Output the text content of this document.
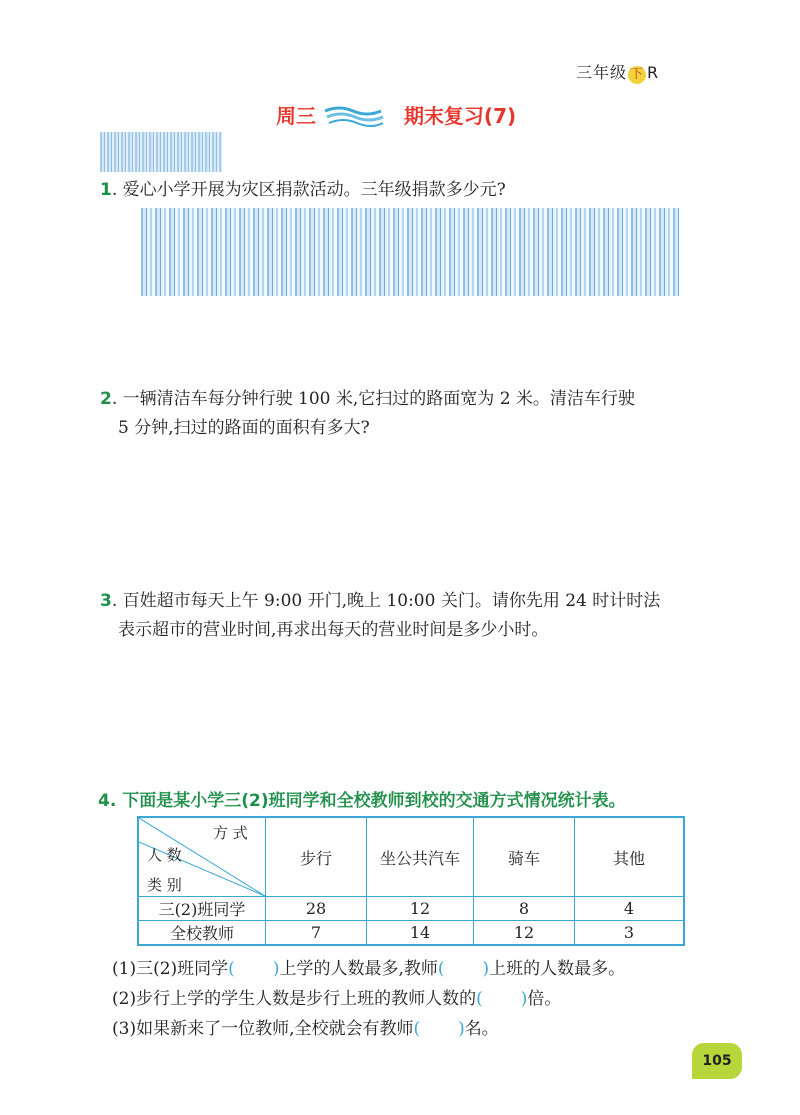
三年级 下 R
周三	期末复习(7)
1. 爱心小学开展为灾区捐款活动。三年级捐款多少元?
2. 一辆清洁车每分钟行驶 100 米,它扫过的路面宽为 2 米。清洁车行驶
5 分钟,扫过的路面的面积有多大?
3. 百姓超市每天上午 9:00 开门,晚上 10:00 关门。请你先用 24 时计时法
表示超市的营业时间,再求出每天的营业时间是多少小时。
4. 下面是某小学三(2)班同学和全校教师到校的交通方式情况统计表。
方 式
人 数
类 别	步行	坐公共汽车	骑车	其他
三(2)班同学	28	12	8	4
全校教师	7	14	12	3
(1)三(2)班同学( )上学的人数最多,教师( )上班的人数最多。
(2)步行上学的学生人数是步行上班的教师人数的( )倍。
(3)如果新来了一位教师,全校就会有教师( )名。
105
